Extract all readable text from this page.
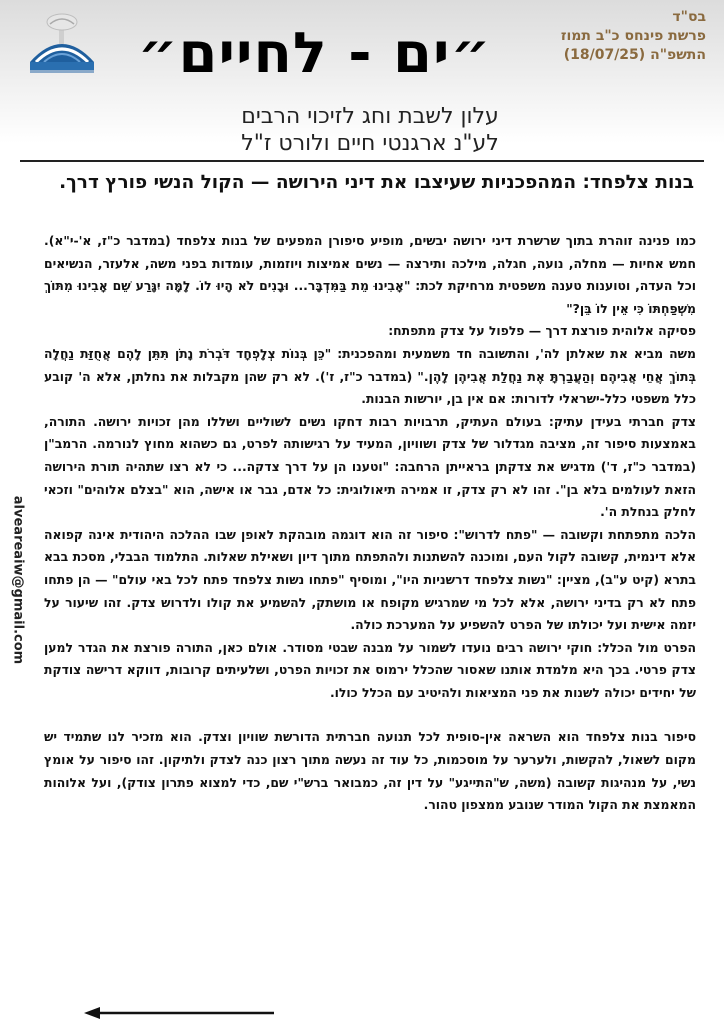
״ים - לחיים״
בס"ד
פרשת פינחס כ"ב תמוז
התשפ"ה (18/07/25)
עלון לשבת וחג לזיכוי הרבים
לע"נ ארגנטי חיים ולורט ז"ל
בנות צלפחד: המהפכניות שעיצבו את דיני הירושה — הקול הנשי פורץ דרך.
alveareaiw@gmail.com

כמו פנינה זוהרת בתוך שרשרת דיני ירושה יבשים, מופיע סיפורן המפעים של בנות צלפחד (במדבר כ"ז, א'-י"א). חמש אחיות — מחלה, נועה, חגלה, מילכה ותירצה — נשים אמיצות ויוזמות, עומדות בפני משה, אלעזר, הנשיאים וכל העדה, וטוענות טענה משפטית מרחיקת לכת: "אָבִינוּ מֵת בַּמִּדְבָּר... וּבָנִים לֹא הָיוּ לוֹ. לָמָּה יִגָּרַע שֵׁם אָבִינוּ מִתּוֹךְ מִשְׁפַּחְתּוֹ כִּי אֵין לוֹ בֵּן?"

פסיקה אלוהית פורצת דרך — פלפול על צדק מתפתח:

משה מביא את שאלתן לה', והתשובה חד משמעית ומהפכנית: "כֵּן בְּנוֹת צְלָפְחָד דֹּבְרֹת נָתֹן תִּתֵּן לָהֶם אֲחֻזַּת נַחֲלָה בְּתוֹךְ אֲחֵי אֲבִיהֶם וְהַעֲבַרְתָּ אֶת נַחֲלַת אֲבִיהֶן לָהֶן." (במדבר כ"ז, ז'). לא רק שהן מקבלות את נחלתן, אלא ה' קובע כלל משפטי כלל-ישראלי לדורות: אם אין בן, יורשות הבנות.

צדק חברתי בעידן עתיק: בעולם העתיק, תרבויות רבות דחקו נשים לשוליים ושללו מהן זכויות ירושה. התורה, באמצעות סיפור זה, מציבה מגדלור של צדק ושוויון, המעיד על רגישותה לפרט, גם כשהוא מחוץ לנורמה. הרמב"ן (במדבר כ"ז, ד') מדגיש את צדקתן בראייתן הרחבה: "וטענו הן על דרך צדקה... כי לא רצו שתהיה תורת הירושה הזאת לעולמים בלא בן". זהו לא רק צדק, זו אמירה תיאולוגית: כל אדם, גבר או אישה, הוא "בצלם אלוהים" וזכאי לחלק בנחלת ה'.

הלכה מתפתחת וקשובה — "פתח לדרוש": סיפור זה הוא דוגמה מובהקת לאופן שבו ההלכה היהודית אינה קפואה אלא דינמית, קשובה לקול העם, ומוכנה להשתנות ולהתפתח מתוך דיון ושאילת שאלות. התלמוד הבבלי, מסכת בבא בתרא (קיט ע"ב), מציין: "נשות צלפחד דרשניות היו", ומוסיף "פתחו נשות צלפחד פתח לכל באי עולם" — הן פתחו פתח לא רק בדיני ירושה, אלא לכל מי שמרגיש מקופח או מושתק, להשמיע את קולו ולדרוש צדק. זהו שיעור על יזמה אישית ועל יכולתו של הפרט להשפיע על המערכת כולה.

הפרט מול הכלל: חוקי ירושה רבים נועדו לשמור על מבנה שבטי מסודר. אולם כאן, התורה פורצת את הגדר למען צדק פרטי. בכך היא מלמדת אותנו שאסור שהכלל ירמוס את זכויות הפרט, ושלעיתים קרובות, דווקא דרישה צודקת של יחידים יכולה לשנות את פני המציאות ולהיטיב עם הכלל כולו.

סיפור בנות צלפחד הוא השראה אין-סופית לכל תנועה חברתית הדורשת שוויון וצדק. הוא מזכיר לנו שתמיד יש מקום לשאול, להקשות, ולערער על מוסכמות, כל עוד זה נעשה מתוך רצון כנה לצדק ולתיקון. זהו סיפור על אומץ נשי, על מנהיגות קשובה (משה, ש"התייגע" על דין זה, כמבואר ברש"י שם, כדי למצוא פתרון צודק), ועל אלוהות המאמצת את הקול המודר שנובע ממצפון טהור.
